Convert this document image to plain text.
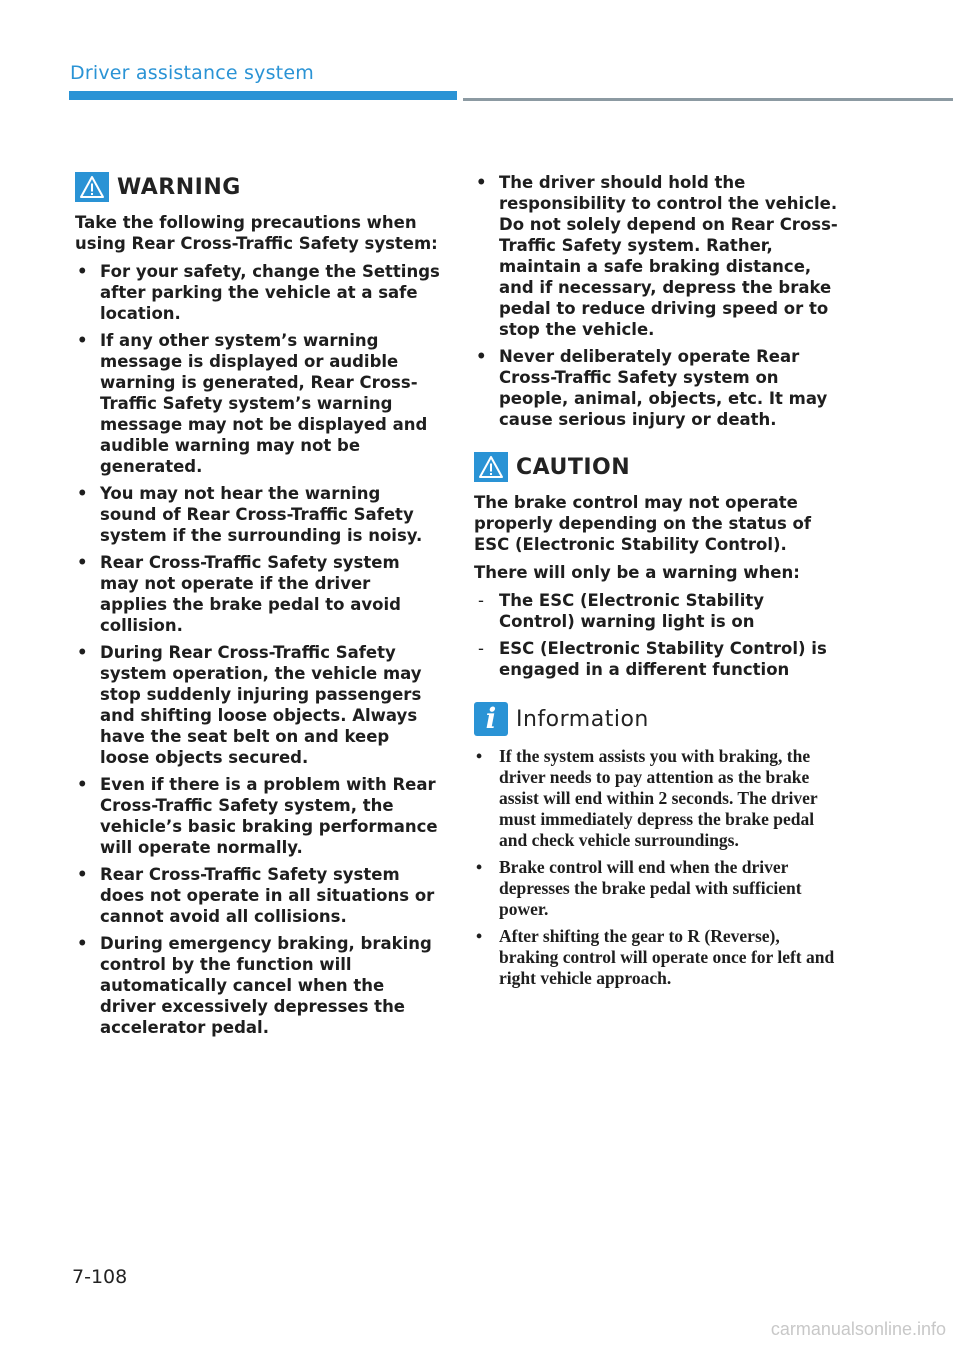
Driver assistance system
WARNING

Take the following precautions when using Rear Cross-Traffic Safety system:

• For your safety, change the Settings after parking the vehicle at a safe location.
• If any other system’s warning message is displayed or audible warning is generated, Rear Cross-Traffic Safety system’s warning message may not be displayed and audible warning may not be generated.
• You may not hear the warning sound of Rear Cross-Traffic Safety system if the surrounding is noisy.
• Rear Cross-Traffic Safety system may not operate if the driver applies the brake pedal to avoid collision.
• During Rear Cross-Traffic Safety system operation, the vehicle may stop suddenly injuring passengers and shifting loose objects. Always have the seat belt on and keep loose objects secured.
• Even if there is a problem with Rear Cross-Traffic Safety system, the vehicle’s basic braking performance will operate normally.
• Rear Cross-Traffic Safety system does not operate in all situations or cannot avoid all collisions.
• During emergency braking, braking control by the function will automatically cancel when the driver excessively depresses the accelerator pedal.
• The driver should hold the responsibility to control the vehicle. Do not solely depend on Rear Cross-Traffic Safety system. Rather, maintain a safe braking distance, and if necessary, depress the brake pedal to reduce driving speed or to stop the vehicle.
• Never deliberately operate Rear Cross-Traffic Safety system on people, animal, objects, etc. It may cause serious injury or death.
CAUTION

The brake control may not operate properly depending on the status of ESC (Electronic Stability Control).

There will only be a warning when:

- The ESC (Electronic Stability Control) warning light is on
- ESC (Electronic Stability Control) is engaged in a different function
i Information
• If the system assists you with braking, the driver needs to pay attention as the brake assist will end within 2 seconds. The driver must immediately depress the brake pedal and check vehicle surroundings.
• Brake control will end when the driver depresses the brake pedal with sufficient power.
• After shifting the gear to R (Reverse), braking control will operate once for left and right vehicle approach.
7-108
carmanualsonline.info
